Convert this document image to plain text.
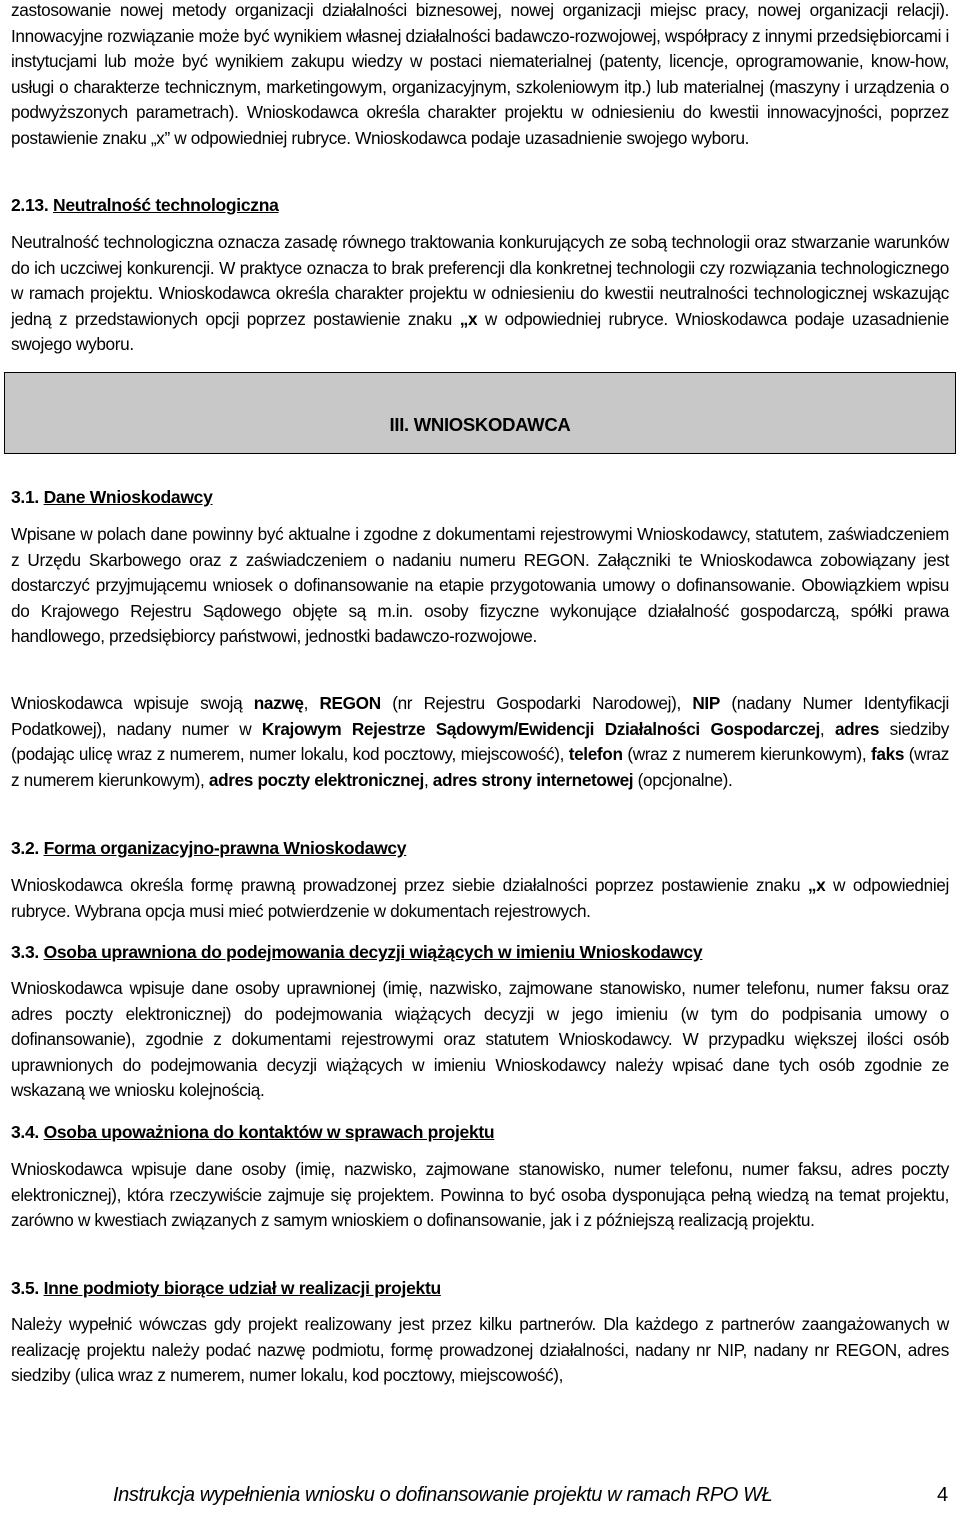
zastosowanie nowej metody organizacji działalności biznesowej, nowej organizacji miejsc pracy, nowej organizacji relacji). Innowacyjne rozwiązanie może być wynikiem własnej działalności badawczo-rozwojowej, współpracy z innymi przedsiębiorcami i instytucjami lub może być wynikiem zakupu wiedzy w postaci niematerialnej (patenty, licencje, oprogramowanie, know-how, usługi o charakterze technicznym, marketingowym, organizacyjnym, szkoleniowym itp.) lub materialnej (maszyny i urządzenia o podwyższonych parametrach). Wnioskodawca określa charakter projektu w odniesieniu do kwestii innowacyjności, poprzez postawienie znaku „x” w odpowiedniej rubryce. Wnioskodawca podaje uzasadnienie swojego wyboru.

2.13. Neutralność technologiczna

Neutralność technologiczna oznacza zasadę równego traktowania konkurujących ze sobą technologii oraz stwarzanie warunków do ich uczciwej konkurencji. W praktyce oznacza to brak preferencji dla konkretnej technologii czy rozwiązania technologicznego w ramach projektu. Wnioskodawca określa charakter projektu w odniesieniu do kwestii neutralności technologicznej wskazując jedną z przedstawionych opcji poprzez postawienie znaku „x w odpowiedniej rubryce. Wnioskodawca podaje uzasadnienie swojego wyboru.

3.1. Dane Wnioskodawcy

Wpisane w polach dane powinny być aktualne i zgodne z dokumentami rejestrowymi Wnioskodawcy, statutem, zaświadczeniem z Urzędu Skarbowego oraz z zaświadczeniem o nadaniu numeru REGON. Załączniki te Wnioskodawca zobowiązany jest dostarczyć przyjmującemu wniosek o dofinansowanie na etapie przygotowania umowy o dofinansowanie. Obowiązkiem wpisu do Krajowego Rejestru Sądowego objęte są m.in. osoby fizyczne wykonujące działalność gospodarczą, spółki prawa handlowego, przedsiębiorcy państwowi, jednostki badawczo-rozwojowe.

Wnioskodawca wpisuje swoją nazwę, REGON (nr Rejestru Gospodarki Narodowej), NIP (nadany Numer Identyfikacji Podatkowej), nadany numer w Krajowym Rejestrze Sądowym/Ewidencji Działalności Gospodarczej, adres siedziby (podając ulicę wraz z numerem, numer lokalu, kod pocztowy, miejscowość), telefon (wraz z numerem kierunkowym), faks (wraz z numerem kierunkowym), adres poczty elektronicznej, adres strony internetowej (opcjonalne).

3.2. Forma organizacyjno-prawna Wnioskodawcy

Wnioskodawca określa formę prawną prowadzonej przez siebie działalności poprzez postawienie znaku „x w odpowiedniej rubryce. Wybrana opcja musi mieć potwierdzenie w dokumentach rejestrowych.

3.3. Osoba uprawniona do podejmowania decyzji wiążących w imieniu Wnioskodawcy

Wnioskodawca wpisuje dane osoby uprawnionej (imię, nazwisko, zajmowane stanowisko, numer telefonu, numer faksu oraz adres poczty elektronicznej) do podejmowania wiążących decyzji w jego imieniu (w tym do podpisania umowy o dofinansowanie), zgodnie z dokumentami rejestrowymi oraz statutem Wnioskodawcy. W przypadku większej ilości osób uprawnionych do podejmowania decyzji wiążących w imieniu Wnioskodawcy należy wpisać dane tych osób zgodnie ze wskazaną we wniosku kolejnością.

3.4. Osoba upoważniona do kontaktów w sprawach projektu

Wnioskodawca wpisuje dane osoby (imię, nazwisko, zajmowane stanowisko, numer telefonu, numer faksu, adres poczty elektronicznej), która rzeczywiście zajmuje się projektem. Powinna to być osoba dysponująca pełną wiedzą na temat projektu, zarówno w kwestiach związanych z samym wnioskiem o dofinansowanie, jak i z późniejszą realizacją projektu.

3.5. Inne podmioty biorące udział w realizacji projektu

Należy wypełnić wówczas gdy projekt realizowany jest przez kilku partnerów. Dla każdego z partnerów zaangażowanych w realizację projektu należy podać nazwę podmiotu, formę prowadzonej działalności, nadany nr NIP, nadany nr REGON, adres siedziby (ulica wraz z numerem, numer lokalu, kod pocztowy, miejscowość),

III. WNIOSKODAWCA
Instrukcja wypełnienia wniosku o dofinansowanie projektu w ramach RPO WŁ	4
